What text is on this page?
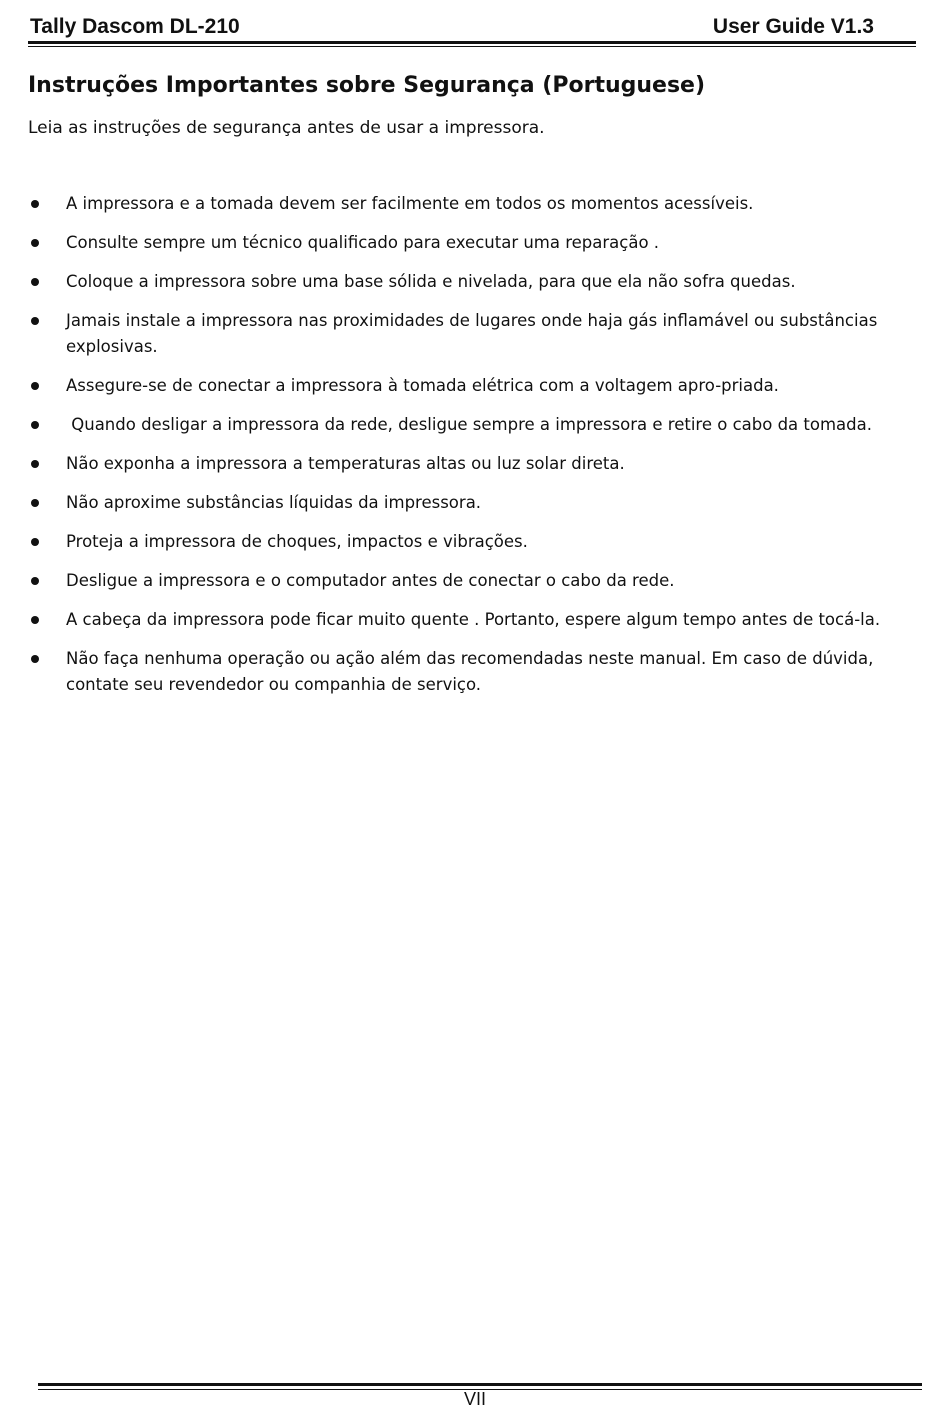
Tally Dascom DL-210	User Guide V1.3
Instruções Importantes sobre Segurança (Portuguese)

Leia as instruções de segurança antes de usar a impressora.

A impressora e a tomada devem ser facilmente em todos os momentos acessíveis.
Consulte sempre um técnico qualificado para executar uma reparação .
Coloque a impressora sobre uma base sólida e nivelada, para que ela não sofra quedas.
Jamais instale a impressora nas proximidades de lugares onde haja gás inflamável ou substâncias explosivas.
Assegure-se de conectar a impressora à tomada elétrica com a voltagem apro-priada.
Quando desligar a impressora da rede, desligue sempre a impressora e retire o cabo da tomada.
Não exponha a impressora a temperaturas altas ou luz solar direta.
Não aproxime substâncias líquidas da impressora.
Proteja a impressora de choques, impactos e vibrações.
Desligue a impressora e o computador antes de conectar o cabo da rede.
A cabeça da impressora pode ficar muito quente . Portanto, espere algum tempo antes de tocá-la.
Não faça nenhuma operação ou ação além das recomendadas neste manual. Em caso de dúvida, contate seu revendedor ou companhia de serviço.
VII
